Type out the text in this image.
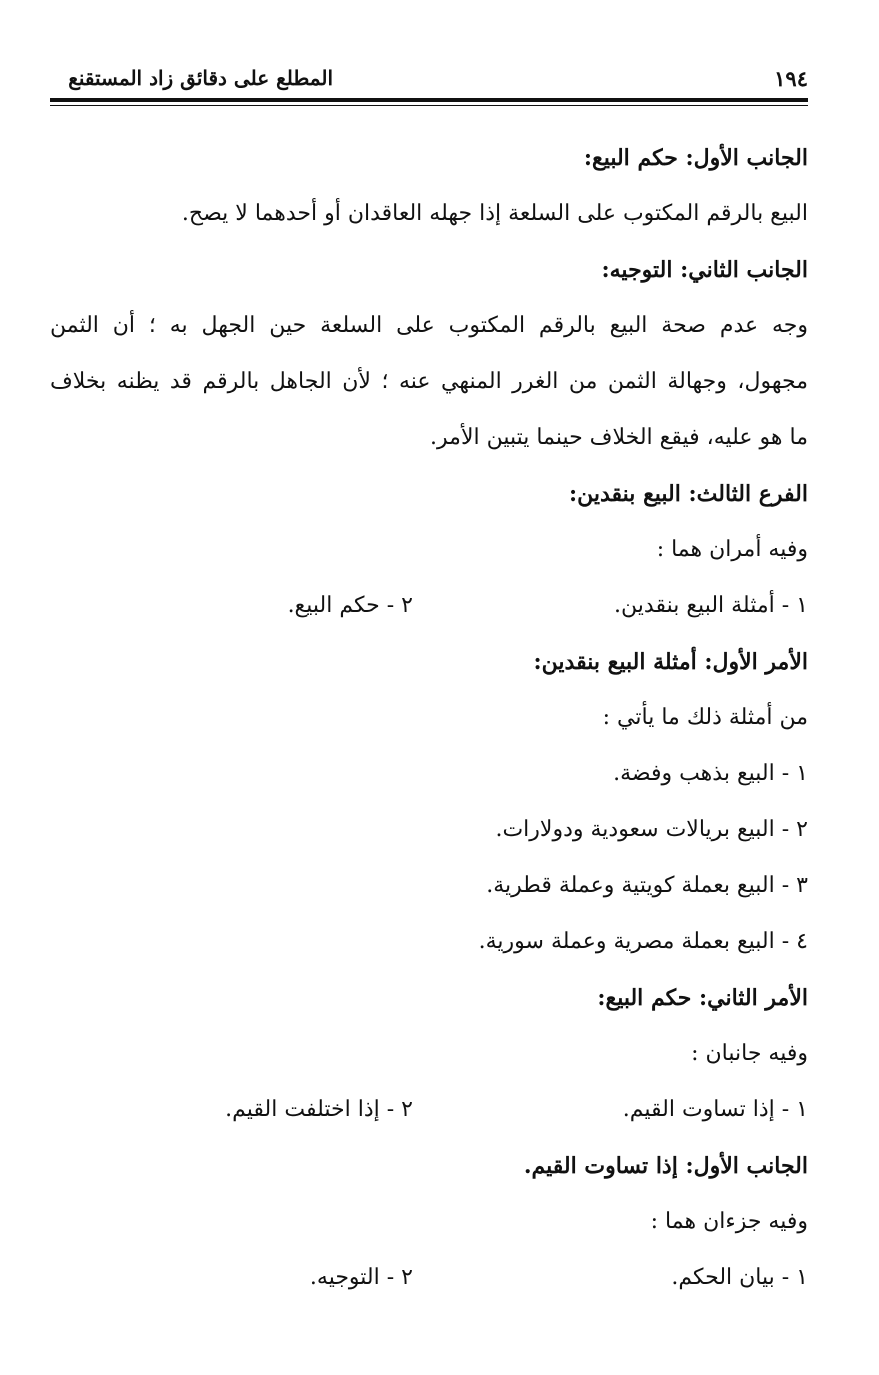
١٩٤
المطلع على دقائق زاد المستقنع
الجانب الأول: حكم البيع:
البيع بالرقم المكتوب على السلعة إذا جهله العاقدان أو أحدهما لا يصح.
الجانب الثاني: التوجيه:
وجه عدم صحة البيع بالرقم المكتوب على السلعة حين الجهل به ؛ أن الثمن
مجهول، وجهالة الثمن من الغرر المنهي عنه ؛ لأن الجاهل بالرقم قد يظنه بخلاف
ما هو عليه، فيقع الخلاف حينما يتبين الأمر.
الفرع الثالث: البيع بنقدين:
وفيه أمران هما :
١ - أمثلة البيع بنقدين.
٢ - حكم البيع.
الأمر الأول: أمثلة البيع بنقدين:
من أمثلة ذلك ما يأتي :
١ - البيع بذهب وفضة.
٢ - البيع بريالات سعودية ودولارات.
٣ - البيع بعملة كويتية وعملة قطرية.
٤ - البيع بعملة مصرية وعملة سورية.
الأمر الثاني: حكم البيع:
وفيه جانبان :
١ - إذا تساوت القيم.
٢ - إذا اختلفت القيم.
الجانب الأول: إذا تساوت القيم.
وفيه جزءان هما :
١ - بيان الحكم.
٢ - التوجيه.
